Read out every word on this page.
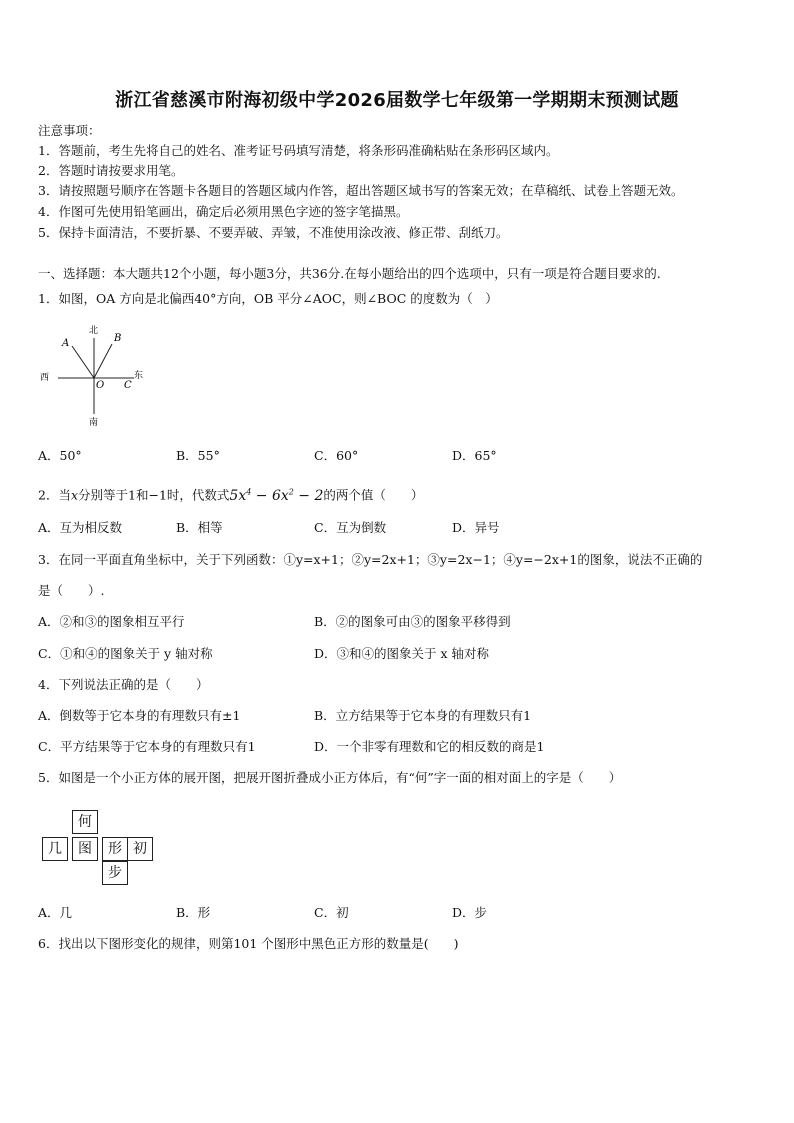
浙江省慈溪市附海初级中学2026届数学七年级第一学期期末预测试题
注意事项：
1．答题前，考生先将自己的姓名、准考证号码填写清楚，将条形码准确粘贴在条形码区域内。
2．答题时请按要求用笔。
3．请按照题号顺序在答题卡各题目的答题区域内作答，超出答题区域书写的答案无效；在草稿纸、试卷上答题无效。
4．作图可先使用铅笔画出，确定后必须用黑色字迹的签字笔描黑。
5．保持卡面清洁，不要折暴、不要弄破、弄皱，不准使用涂改液、修正带、刮纸刀。
一、选择题：本大题共12个小题，每小题3分，共36分.在每小题给出的四个选项中，只有一项是符合题目要求的.
1．如图，OA 方向是北偏西40°方向，OB 平分∠AOC，则∠BOC 的度数为（　）
北
南
西	东
A	B
O C
A．50°	B．55°	C．60°	D．65°
2．当x分别等于1和−1时，代数式$5x^4 - 6x^2 - 2$的两个值（　　）
A．互为相反数	B．相等	C．互为倒数	D．异号
3．在同一平面直角坐标中，关于下列函数：①y=x+1；②y=2x+1；③y=2x−1；④y=−2x+1的图象，说法不正确的
是（　　）.
A．②和③的图象相互平行	B．②的图象可由③的图象平移得到
C．①和④的图象关于 y 轴对称	D．③和④的图象关于 x 轴对称
4．下列说法正确的是（　　）
A．倒数等于它本身的有理数只有±1	B．立方结果等于它本身的有理数只有1
C．平方结果等于它本身的有理数只有1	D．一个非零有理数和它的相反数的商是1
5．如图是一个小正方体的展开图，把展开图折叠成小正方体后，有“何”字一面的相对面上的字是（　　）
何
几	图	形 初
步
A．几	B．形	C．初	D．步
6．找出以下图形变化的规律，则第101 个图形中黑色正方形的数量是(　　)
